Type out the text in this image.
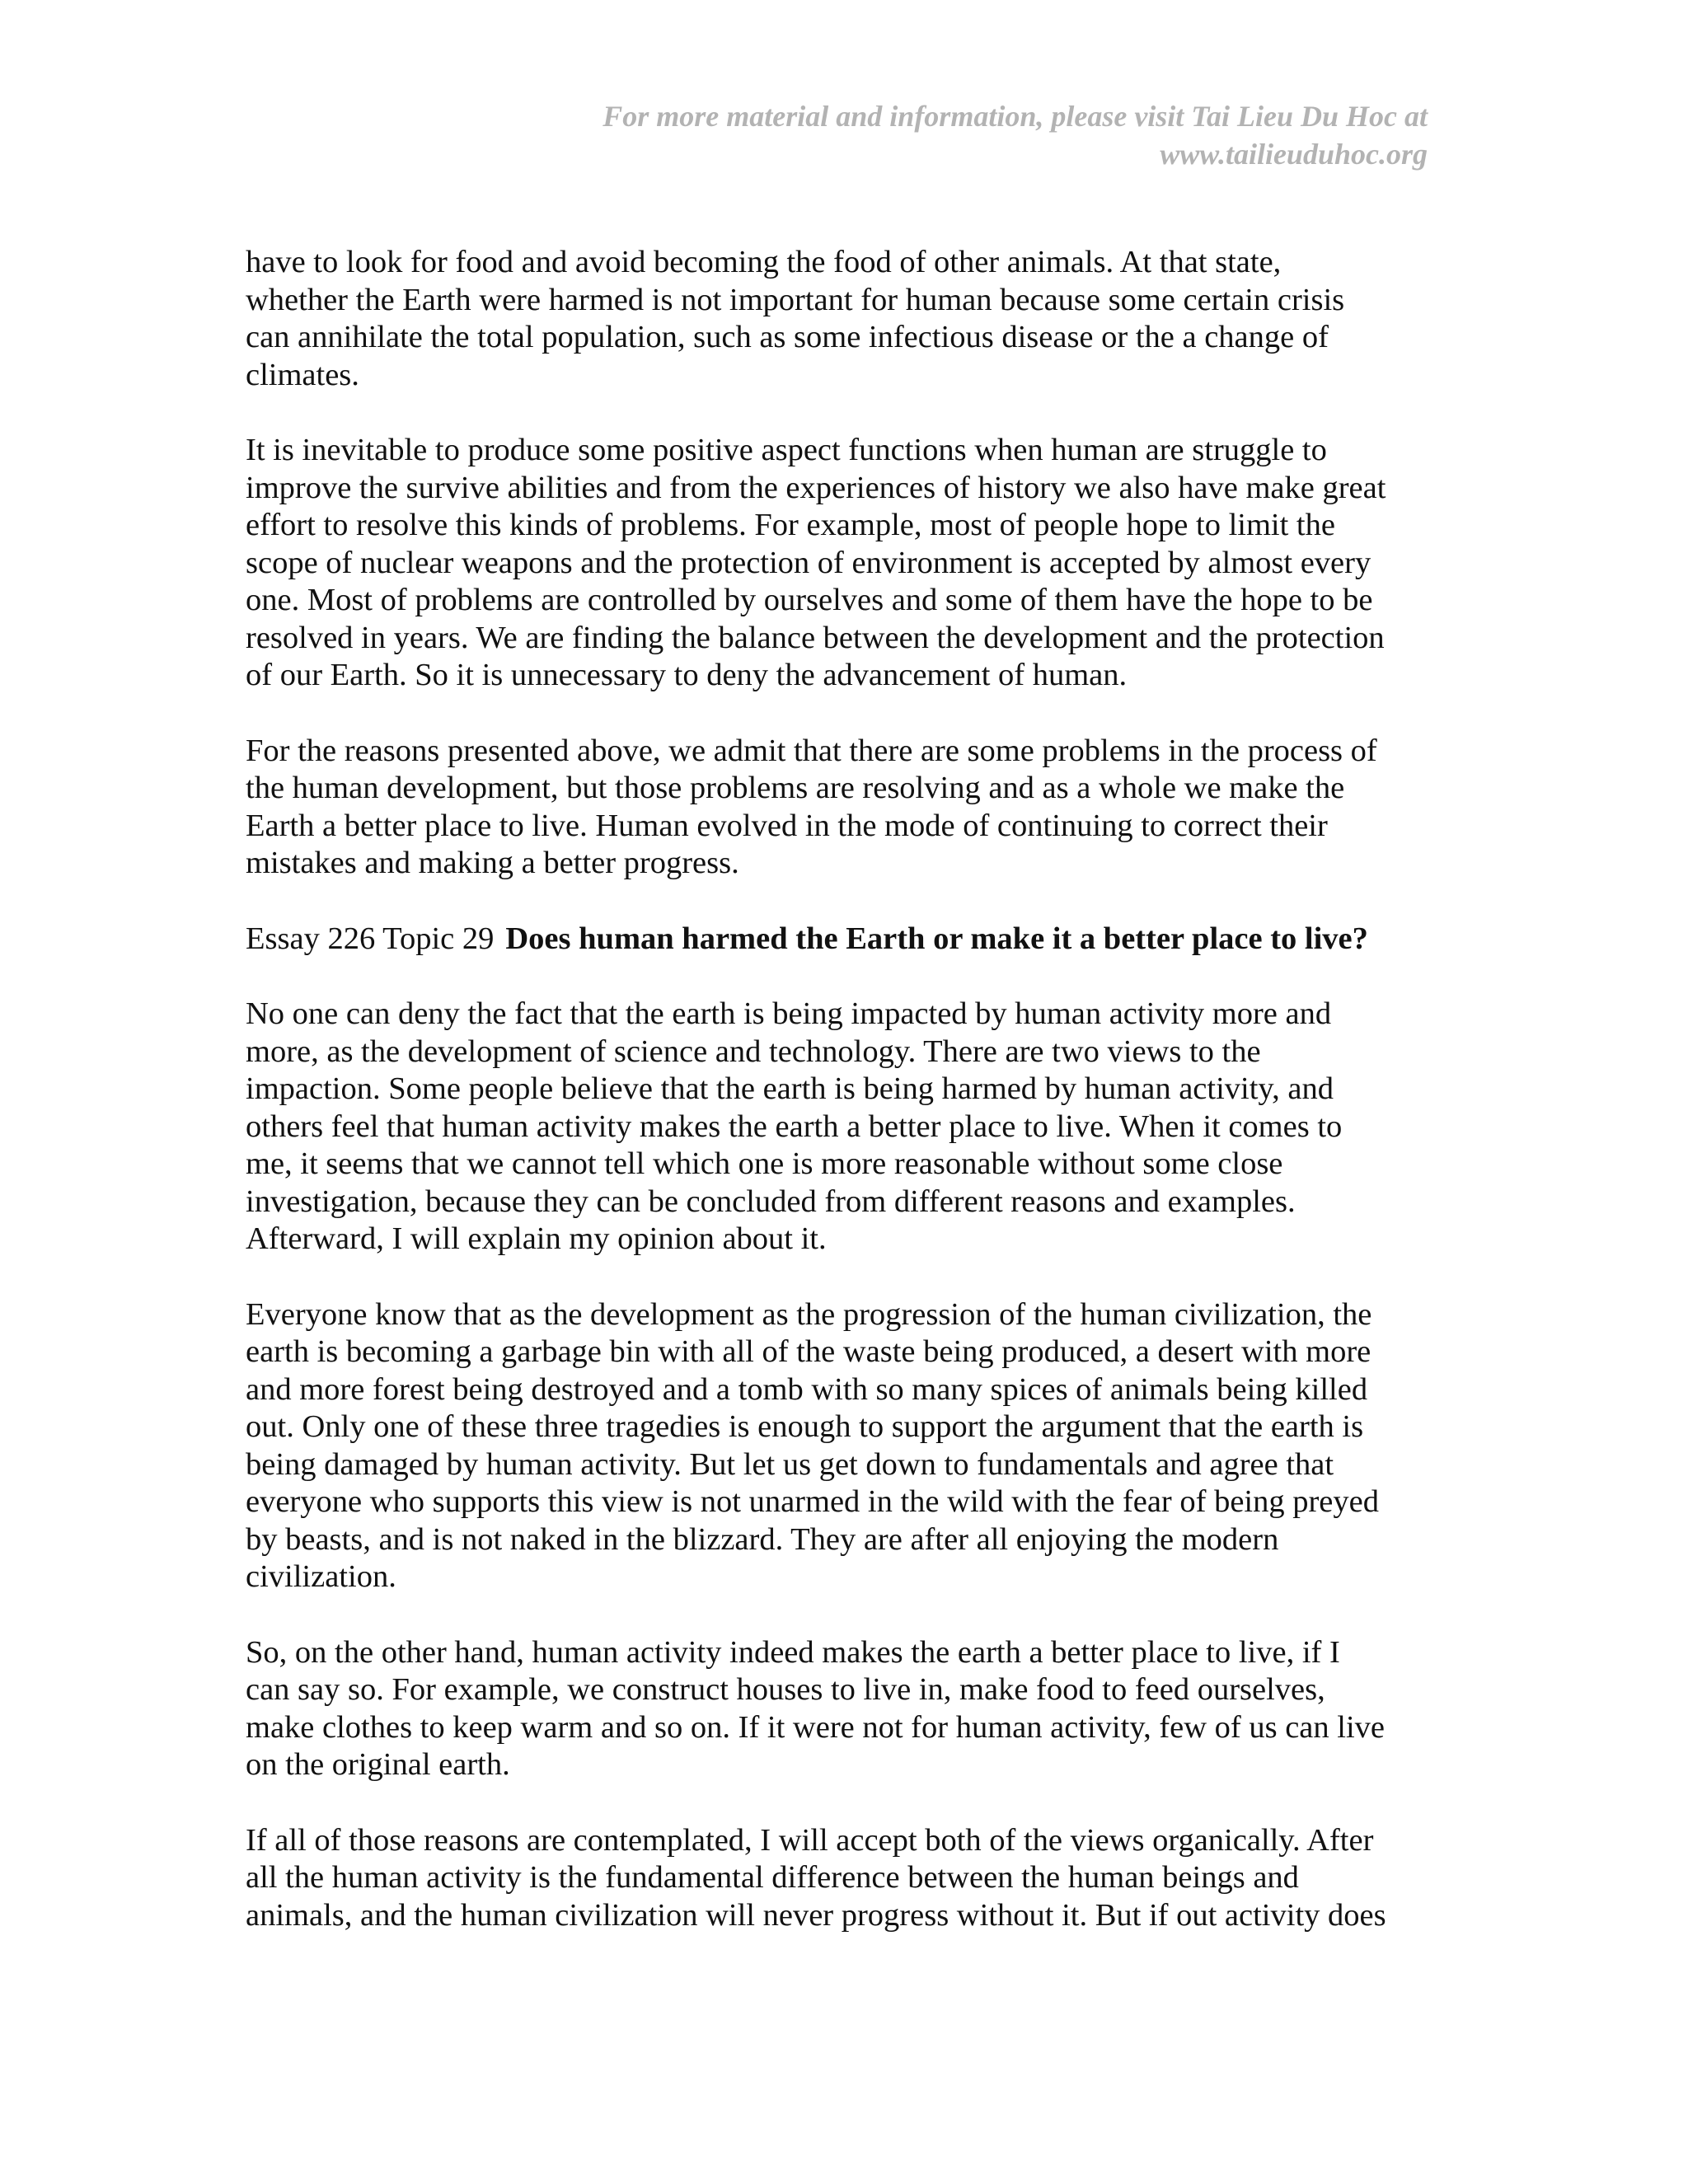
For more material and information, please visit Tai Lieu Du Hoc at
www.tailieuduhoc.org
have to look for food and avoid becoming the food of other animals. At that state,
whether the Earth were harmed is not important for human because some certain crisis
can annihilate the total population, such as some infectious disease or the a change of
climates.
It is inevitable to produce some positive aspect functions when human are struggle to
improve the survive abilities and from the experiences of history we also have make great
effort to resolve this kinds of problems. For example, most of people hope to limit the
scope of nuclear weapons and the protection of environment is accepted by almost every
one. Most of problems are controlled by ourselves and some of them have the hope to be
resolved in years. We are finding the balance between the development and the protection
of our Earth. So it is unnecessary to deny the advancement of human.
For the reasons presented above, we admit that there are some problems in the process of
the human development, but those problems are resolving and as a whole we make the
Earth a better place to live. Human evolved in the mode of continuing to correct their
mistakes and making a better progress.
Essay 226 Topic 29 Does human harmed the Earth or make it a better place to live?
No one can deny the fact that the earth is being impacted by human activity more and
more, as the development of science and technology. There are two views to the
impaction. Some people believe that the earth is being harmed by human activity, and
others feel that human activity makes the earth a better place to live. When it comes to
me, it seems that we cannot tell which one is more reasonable without some close
investigation, because they can be concluded from different reasons and examples.
Afterward, I will explain my opinion about it.
Everyone know that as the development as the progression of the human civilization, the
earth is becoming a garbage bin with all of the waste being produced, a desert with more
and more forest being destroyed and a tomb with so many spices of animals being killed
out. Only one of these three tragedies is enough to support the argument that the earth is
being damaged by human activity. But let us get down to fundamentals and agree that
everyone who supports this view is not unarmed in the wild with the fear of being preyed
by beasts, and is not naked in the blizzard. They are after all enjoying the modern
civilization.
So, on the other hand, human activity indeed makes the earth a better place to live, if I
can say so. For example, we construct houses to live in, make food to feed ourselves,
make clothes to keep warm and so on. If it were not for human activity, few of us can live
on the original earth.
If all of those reasons are contemplated, I will accept both of the views organically. After
all the human activity is the fundamental difference between the human beings and
animals, and the human civilization will never progress without it. But if out activity does
